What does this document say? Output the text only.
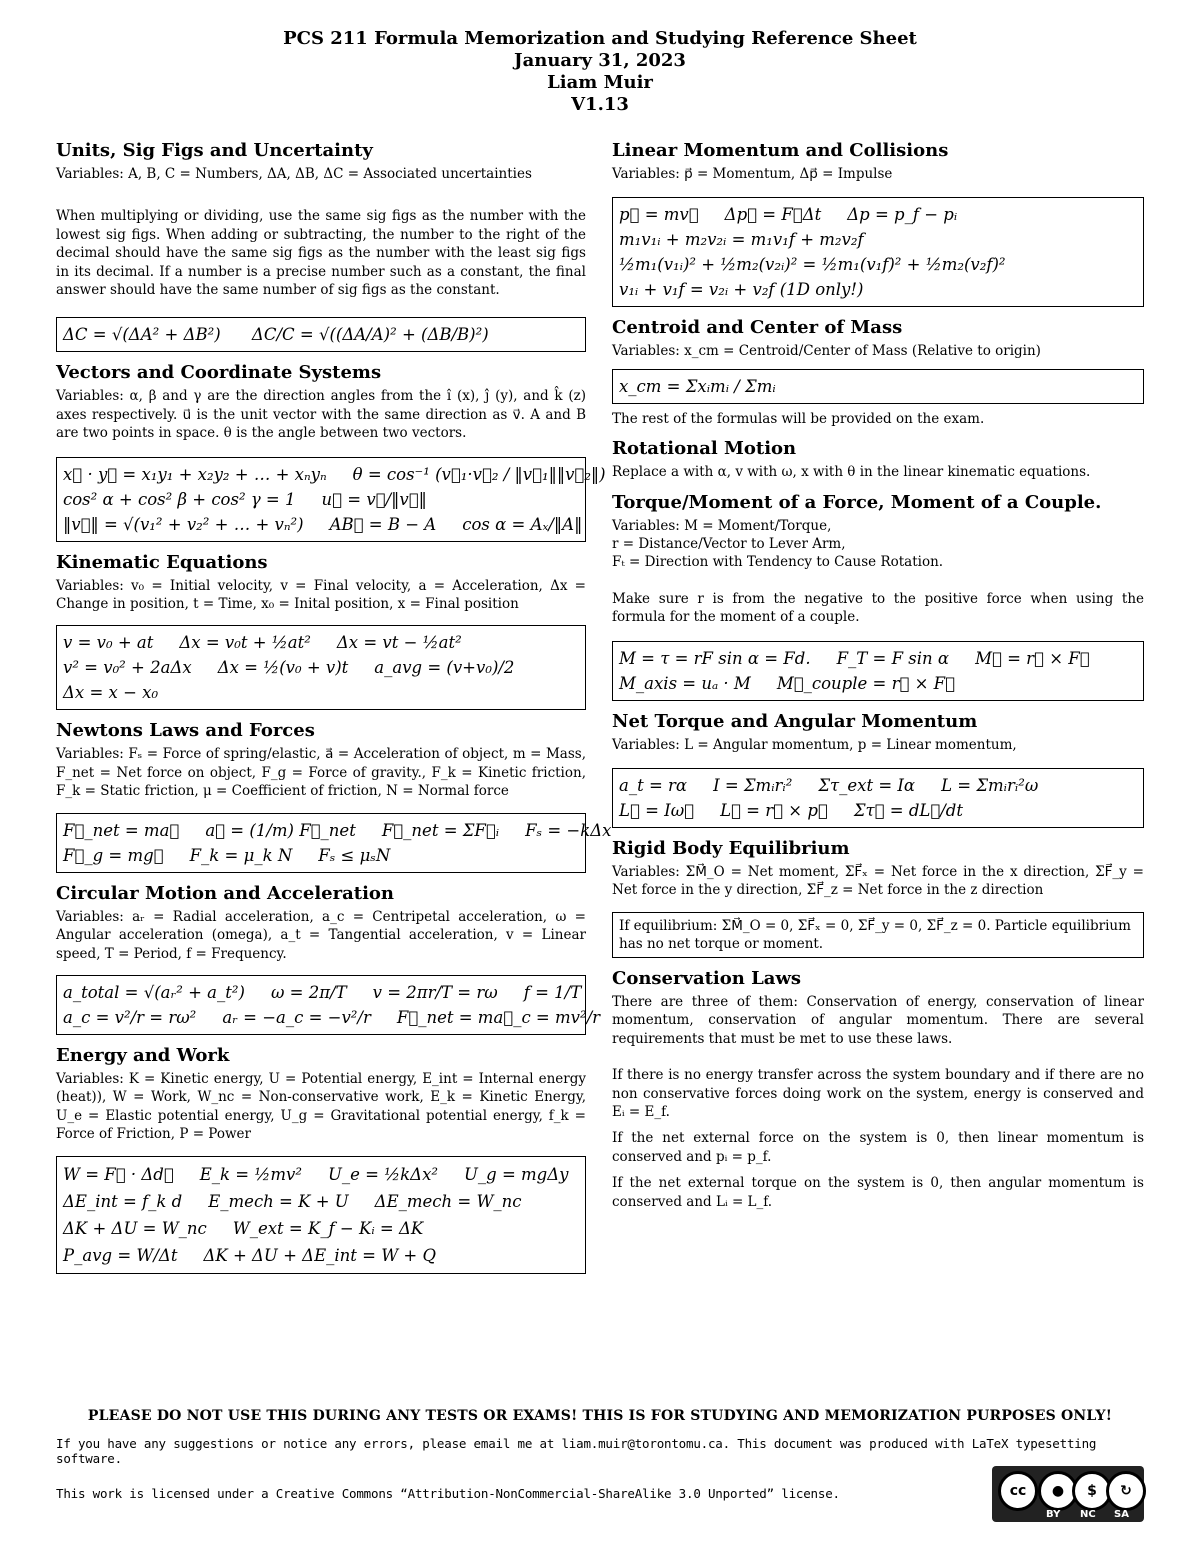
PCS 211 Formula Memorization and Studying Reference Sheet
January 31, 2023
Liam Muir
V1.13
Units, Sig Figs and Uncertainty

Variables: A, B, C = Numbers, ΔA, ΔB, ΔC = Associated uncertainties

When multiplying or dividing, use the same sig figs as the number with the lowest sig figs. When adding or subtracting, the number to the right of the decimal should have the same sig figs as the number with the least sig figs in its decimal. If a number is a precise number such as a constant, the final answer should have the same number of sig figs as the constant.

ΔC = √(ΔA² + ΔB²) ΔC/C = √((ΔA/A)² + (ΔB/B)²)
Vectors and Coordinate Systems

Variables: α, β and γ are the direction angles from the î (x), ĵ (y), and k̂ (z) axes respectively. u⃗ is the unit vector with the same direction as v⃗. A and B are two points in space. θ is the angle between two vectors.

x⃗ · y⃗ = x₁y₁ + x₂y₂ + … + xₙyₙ θ = cos⁻¹ (v⃗₁·v⃗₂ / ‖v⃗₁‖‖v⃗₂‖)
cos² α + cos² β + cos² γ = 1 u⃗ = v⃗/‖v⃗‖
‖v⃗‖ = √(v₁² + v₂² + … + vₙ²) AB⃗ = B − A cos α = Aₓ/‖A‖
Kinematic Equations

Variables: v₀ = Initial velocity, v = Final velocity, a = Acceleration, Δx = Change in position, t = Time, x₀ = Inital position, x = Final position

v = v₀ + at Δx = v₀t + ½at² Δx = vt − ½at²
v² = v₀² + 2aΔx Δx = ½(v₀ + v)t a_avg = (v+v₀)/2
Δx = x − x₀
Newtons Laws and Forces

Variables: Fₛ = Force of spring/elastic, a⃗ = Acceleration of object, m = Mass, F_net = Net force on object, F_g = Force of gravity., F_k = Kinetic friction, F_k = Static friction, μ = Coefficient of friction, N = Normal force

F⃗_net = ma⃗ a⃗ = (1/m) F⃗_net F⃗_net = ΣF⃗ᵢ Fₛ = −kΔx
F⃗_g = mg⃗ F_k = μ_k N Fₛ ≤ μₛN
Circular Motion and Acceleration

Variables: aᵣ = Radial acceleration, a_c = Centripetal acceleration, ω = Angular acceleration (omega), a_t = Tangential acceleration, v = Linear speed, T = Period, f = Frequency.

a_total = √(aᵣ² + a_t²) ω = 2π/T v = 2πr/T = rω f = 1/T
a_c = v²/r = rω² aᵣ = −a_c = −v²/r F⃗_net = ma⃗_c = mv²/r
Energy and Work

Variables: K = Kinetic energy, U = Potential energy, E_int = Internal energy (heat)), W = Work, W_nc = Non-conservative work, E_k = Kinetic Energy, U_e = Elastic potential energy, U_g = Gravitational potential energy, f_k = Force of Friction, P = Power

W = F⃗ · Δd⃗ E_k = ½mv² U_e = ½kΔx² U_g = mgΔy
ΔE_int = f_k d E_mech = K + U ΔE_mech = W_nc
ΔK + ΔU = W_nc W_ext = K_f − Kᵢ = ΔK
P_avg = W/Δt ΔK + ΔU + ΔE_int = W + Q
Linear Momentum and Collisions

Variables: p⃗ = Momentum, Δp⃗ = Impulse

p⃗ = mv⃗ Δp⃗ = F⃗Δt Δp = p_f − pᵢ
m₁v₁ᵢ + m₂v₂ᵢ = m₁v₁f + m₂v₂f
½m₁(v₁ᵢ)² + ½m₂(v₂ᵢ)² = ½m₁(v₁f)² + ½m₂(v₂f)²
v₁ᵢ + v₁f = v₂ᵢ + v₂f (1D only!)
Centroid and Center of Mass

Variables: x_cm = Centroid/Center of Mass (Relative to origin)

x_cm = Σxᵢmᵢ / Σmᵢ

The rest of the formulas will be provided on the exam.

Rotational Motion

Replace a with α, v with ω, x with θ in the linear kinematic equations.

Torque/Moment of a Force, Moment of a Couple.

Variables: M = Moment/Torque,

r = Distance/Vector to Lever Arm,

Fₜ = Direction with Tendency to Cause Rotation.

Make sure r is from the negative to the positive force when using the formula for the moment of a couple.

M = τ = rF sin α = Fd. F_T = F sin α M⃗ = r⃗ × F⃗
M_axis = uₐ · M M⃗_couple = r⃗ × F⃗
Net Torque and Angular Momentum

Variables: L = Angular momentum, p = Linear momentum,

a_t = rα I = Σmᵢrᵢ² Στ_ext = Iα L = Σmᵢrᵢ²ω
L⃗ = Iω⃗ L⃗ = r⃗ × p⃗ Στ⃗ = dL⃗/dt
Rigid Body Equilibrium

Variables: ΣM⃗_O = Net moment, ΣF⃗ₓ = Net force in the x direction, ΣF⃗_y = Net force in the y direction, ΣF⃗_z = Net force in the z direction

If equilibrium: ΣM⃗_O = 0, ΣF⃗ₓ = 0, ΣF⃗_y = 0, ΣF⃗_z = 0. Particle equilibrium has no net torque or moment.
Conservation Laws

There are three of them: Conservation of energy, conservation of linear momentum, conservation of angular momentum. There are several requirements that must be met to use these laws.

If there is no energy transfer across the system boundary and if there are no non conservative forces doing work on the system, energy is conserved and Eᵢ = E_f.

If the net external force on the system is 0, then linear momentum is conserved and pᵢ = p_f.

If the net external torque on the system is 0, then angular momentum is conserved and Lᵢ = L_f.

PLEASE DO NOT USE THIS DURING ANY TESTS OR EXAMS! THIS IS FOR STUDYING AND MEMORIZATION PURPOSES ONLY!
If you have any suggestions or notice any errors, please email me at liam.muir@torontomu.ca. This document was produced with LaTeX typesetting software.
This work is licensed under a Creative Commons “Attribution-NonCommercial-ShareAlike 3.0 Unported” license.	cc	●	$	↻
BY NC SA
